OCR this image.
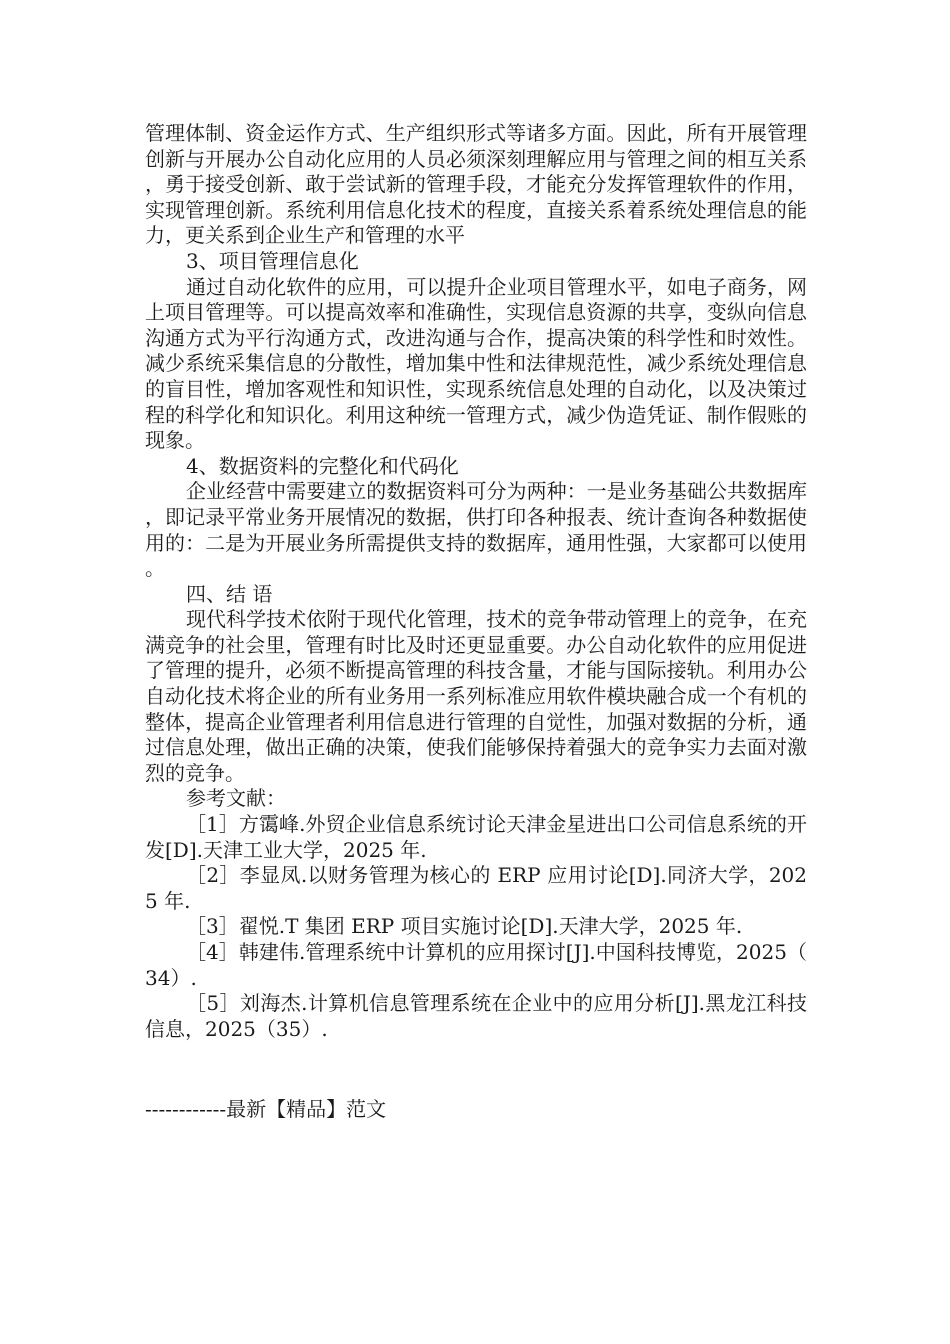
管理体制、资金运作方式、生产组织形式等诸多方面。因此，所有开展管理创新与开展办公自动化应用的人员必须深刻理解应用与管理之间的相互关系，勇于接受创新、敢于尝试新的管理手段，才能充分发挥管理软件的作用，实现管理创新。系统利用信息化技术的程度，直接关系着系统处理信息的能力，更关系到企业生产和管理的水平

3、项目管理信息化

通过自动化软件的应用，可以提升企业项目管理水平，如电子商务，网上项目管理等。可以提高效率和准确性，实现信息资源的共享，变纵向信息沟通方式为平行沟通方式，改进沟通与合作，提高决策的科学性和时效性。减少系统采集信息的分散性，增加集中性和法律规范性，减少系统处理信息的盲目性，增加客观性和知识性，实现系统信息处理的自动化，以及决策过程的科学化和知识化。利用这种统一管理方式，减少伪造凭证、制作假账的现象。

4、数据资料的完整化和代码化

企业经营中需要建立的数据资料可分为两种：一是业务基础公共数据库，即记录平常业务开展情况的数据，供打印各种报表、统计查询各种数据使用的：二是为开展业务所需提供支持的数据库，通用性强，大家都可以使用。

四、结 语

现代科学技术依附于现代化管理，技术的竞争带动管理上的竞争，在充满竞争的社会里，管理有时比及时还更显重要。办公自动化软件的应用促进了管理的提升，必须不断提高管理的科技含量，才能与国际接轨。利用办公自动化技术将企业的所有业务用一系列标准应用软件模块融合成一个有机的整体，提高企业管理者利用信息进行管理的自觉性，加强对数据的分析，通过信息处理，做出正确的决策，使我们能够保持着强大的竞争实力去面对激烈的竞争。

参考文献：

［1］方霭峰.外贸企业信息系统讨论天津金星进出口公司信息系统的开发[D].天津工业大学，2025 年.

［2］李显凤.以财务管理为核心的 ERP 应用讨论[D].同济大学，2025 年.

［3］翟悦.T 集团 ERP 项目实施讨论[D].天津大学，2025 年.

［4］韩建伟.管理系统中计算机的应用探讨[J].中国科技博览，2025（34）.

［5］刘海杰.计算机信息管理系统在企业中的应用分析[J].黑龙江科技信息，2025（35）.

------------最新【精品】范文
